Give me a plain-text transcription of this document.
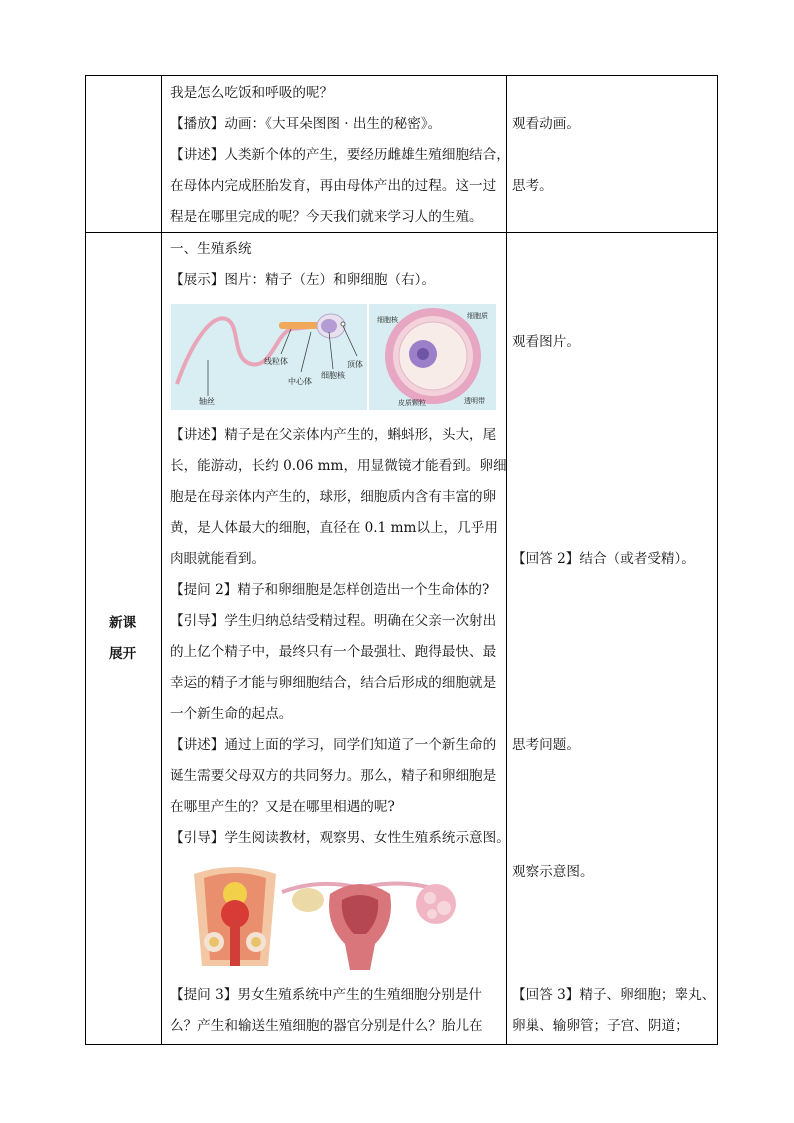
我是怎么吃饭和呼吸的呢？
【播放】动画：《大耳朵图图 · 出生的秘密》。
【讲述】人类新个体的产生，要经历雌雄生殖细胞结合，
在母体内完成胚胎发育，再由母体产出的过程。这一过
程是在哪里完成的呢？今天我们就来学习人的生殖。
观看动画。
思考。
新课
展开
一、生殖系统
【展示】图片：精子（左）和卵细胞（右）。
线粒体
中心体
细胞核
顶体
轴丝
细胞核	细胞质
皮质颗粒	透明带
【讲述】精子是在父亲体内产生的，蝌蚪形，头大，尾
长，能游动，长约 0.06 mm，用显微镜才能看到。卵细
胞是在母亲体内产生的，球形，细胞质内含有丰富的卵
黄，是人体最大的细胞，直径在 0.1 mm以上，几乎用
肉眼就能看到。
【提问 2】精子和卵细胞是怎样创造出一个生命体的?
【引导】学生归纳总结受精过程。明确在父亲一次射出
的上亿个精子中，最终只有一个最强壮、跑得最快、最
幸运的精子才能与卵细胞结合，结合后形成的细胞就是
一个新生命的起点。
【讲述】通过上面的学习，同学们知道了一个新生命的
诞生需要父母双方的共同努力。那么，精子和卵细胞是
在哪里产生的？又是在哪里相遇的呢?
【引导】学生阅读教材，观察男、女性生殖系统示意图。
【提问 3】男女生殖系统中产生的生殖细胞分别是什
么？产生和输送生殖细胞的器官分别是什么？胎儿在
观看图片。
【回答 2】结合（或者受精）。
思考问题。
观察示意图。
【回答 3】精子、卵细胞；睾丸、
卵巢、输卵管；子宫、阴道；
